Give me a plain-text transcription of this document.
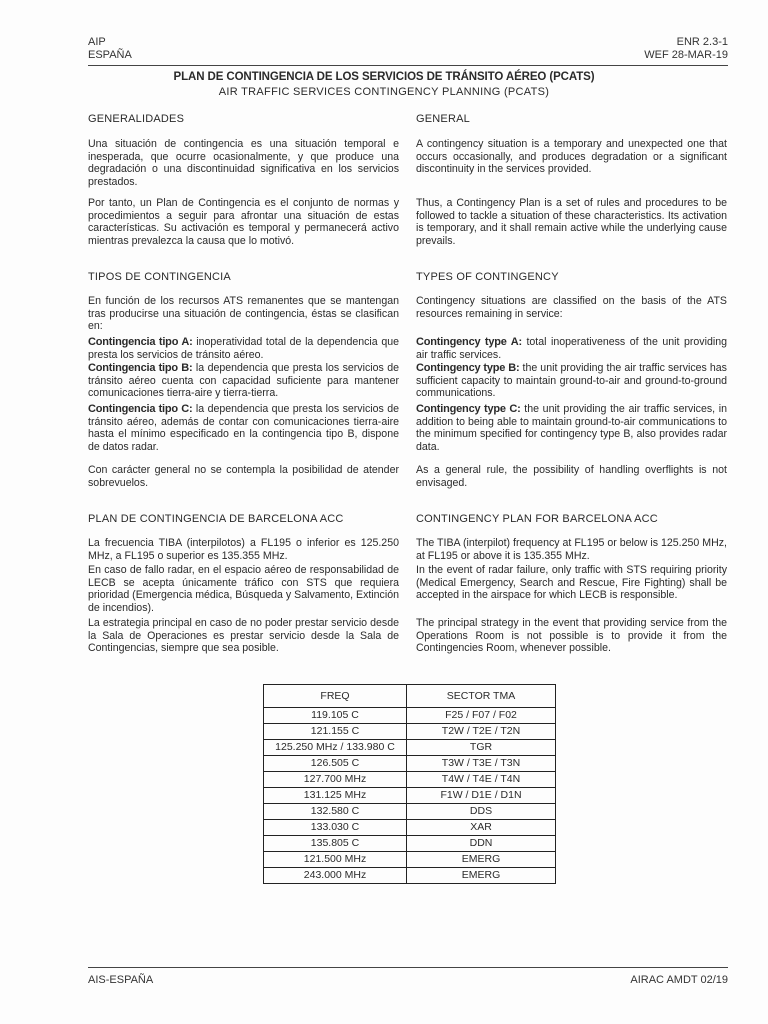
AIP
ESPAÑA
ENR 2.3-1
WEF 28-MAR-19
PLAN DE CONTINGENCIA DE LOS SERVICIOS DE TRÁNSITO AÉREO (PCATS)
AIR TRAFFIC SERVICES CONTINGENCY PLANNING (PCATS)
GENERALIDADES

Una situación de contingencia es una situación temporal e inesperada, que ocurre ocasionalmente, y que produce una degradación o una discontinuidad significativa en los servicios prestados.

Por tanto, un Plan de Contingencia es el conjunto de normas y procedimientos a seguir para afrontar una situación de estas características. Su activación es temporal y permanecerá activo mientras prevalezca la causa que lo motivó.

TIPOS DE CONTINGENCIA

En función de los recursos ATS remanentes que se mantengan tras producirse una situación de contingencia, éstas se clasifican en:

Contingencia tipo A: inoperatividad total de la dependencia que presta los servicios de tránsito aéreo.

Contingencia tipo B: la dependencia que presta los servicios de tránsito aéreo cuenta con capacidad suficiente para mantener comunicaciones tierra-aire y tierra-tierra.

Contingencia tipo C: la dependencia que presta los servicios de tránsito aéreo, además de contar con comunicaciones tierra-aire hasta el mínimo especificado en la contingencia tipo B, dispone de datos radar.

Con carácter general no se contempla la posibilidad de atender sobrevuelos.

PLAN DE CONTINGENCIA DE BARCELONA ACC

La frecuencia TIBA (interpilotos) a FL195 o inferior es 125.250 MHz, a FL195 o superior es 135.355 MHz.

En caso de fallo radar, en el espacio aéreo de responsabilidad de LECB se acepta únicamente tráfico con STS que requiera prioridad (Emergencia médica, Búsqueda y Salvamento, Extinción de incendios).

La estrategia principal en caso de no poder prestar servicio desde la Sala de Operaciones es prestar servicio desde la Sala de Contingencias, siempre que sea posible.

GENERAL

A contingency situation is a temporary and unexpected one that occurs occasionally, and produces degradation or a significant discontinuity in the services provided.

Thus, a Contingency Plan is a set of rules and procedures to be followed to tackle a situation of these characteristics. Its activation is temporary, and it shall remain active while the underlying cause prevails.

TYPES OF CONTINGENCY

Contingency situations are classified on the basis of the ATS resources remaining in service:

Contingency type A: total inoperativeness of the unit providing air traffic services.

Contingency type B: the unit providing the air traffic services has sufficient capacity to maintain ground-to-air and ground-to-ground communications.

Contingency type C: the unit providing the air traffic services, in addition to being able to maintain ground-to-air communications to the minimum specified for contingency type B, also provides radar data.

As a general rule, the possibility of handling overflights is not envisaged.

CONTINGENCY PLAN FOR BARCELONA ACC

The TIBA (interpilot) frequency at FL195 or below is 125.250 MHz, at FL195 or above it is 135.355 MHz.

In the event of radar failure, only traffic with STS requiring priority (Medical Emergency, Search and Rescue, Fire Fighting) shall be accepted in the airspace for which LECB is responsible.

The principal strategy in the event that providing service from the Operations Room is not possible is to provide it from the Contingencies Room, whenever possible.

FREQ	SECTOR TMA
119.105 C	F25 / F07 / F02
121.155 C	T2W / T2E / T2N
125.250 MHz / 133.980 C	TGR
126.505 C	T3W / T3E / T3N
127.700 MHz	T4W / T4E / T4N
131.125 MHz	F1W / D1E / D1N
132.580 C	DDS
133.030 C	XAR
135.805 C	DDN
121.500 MHz	EMERG
243.000 MHz	EMERG
AIS-ESPAÑA	AIRAC AMDT 02/19
